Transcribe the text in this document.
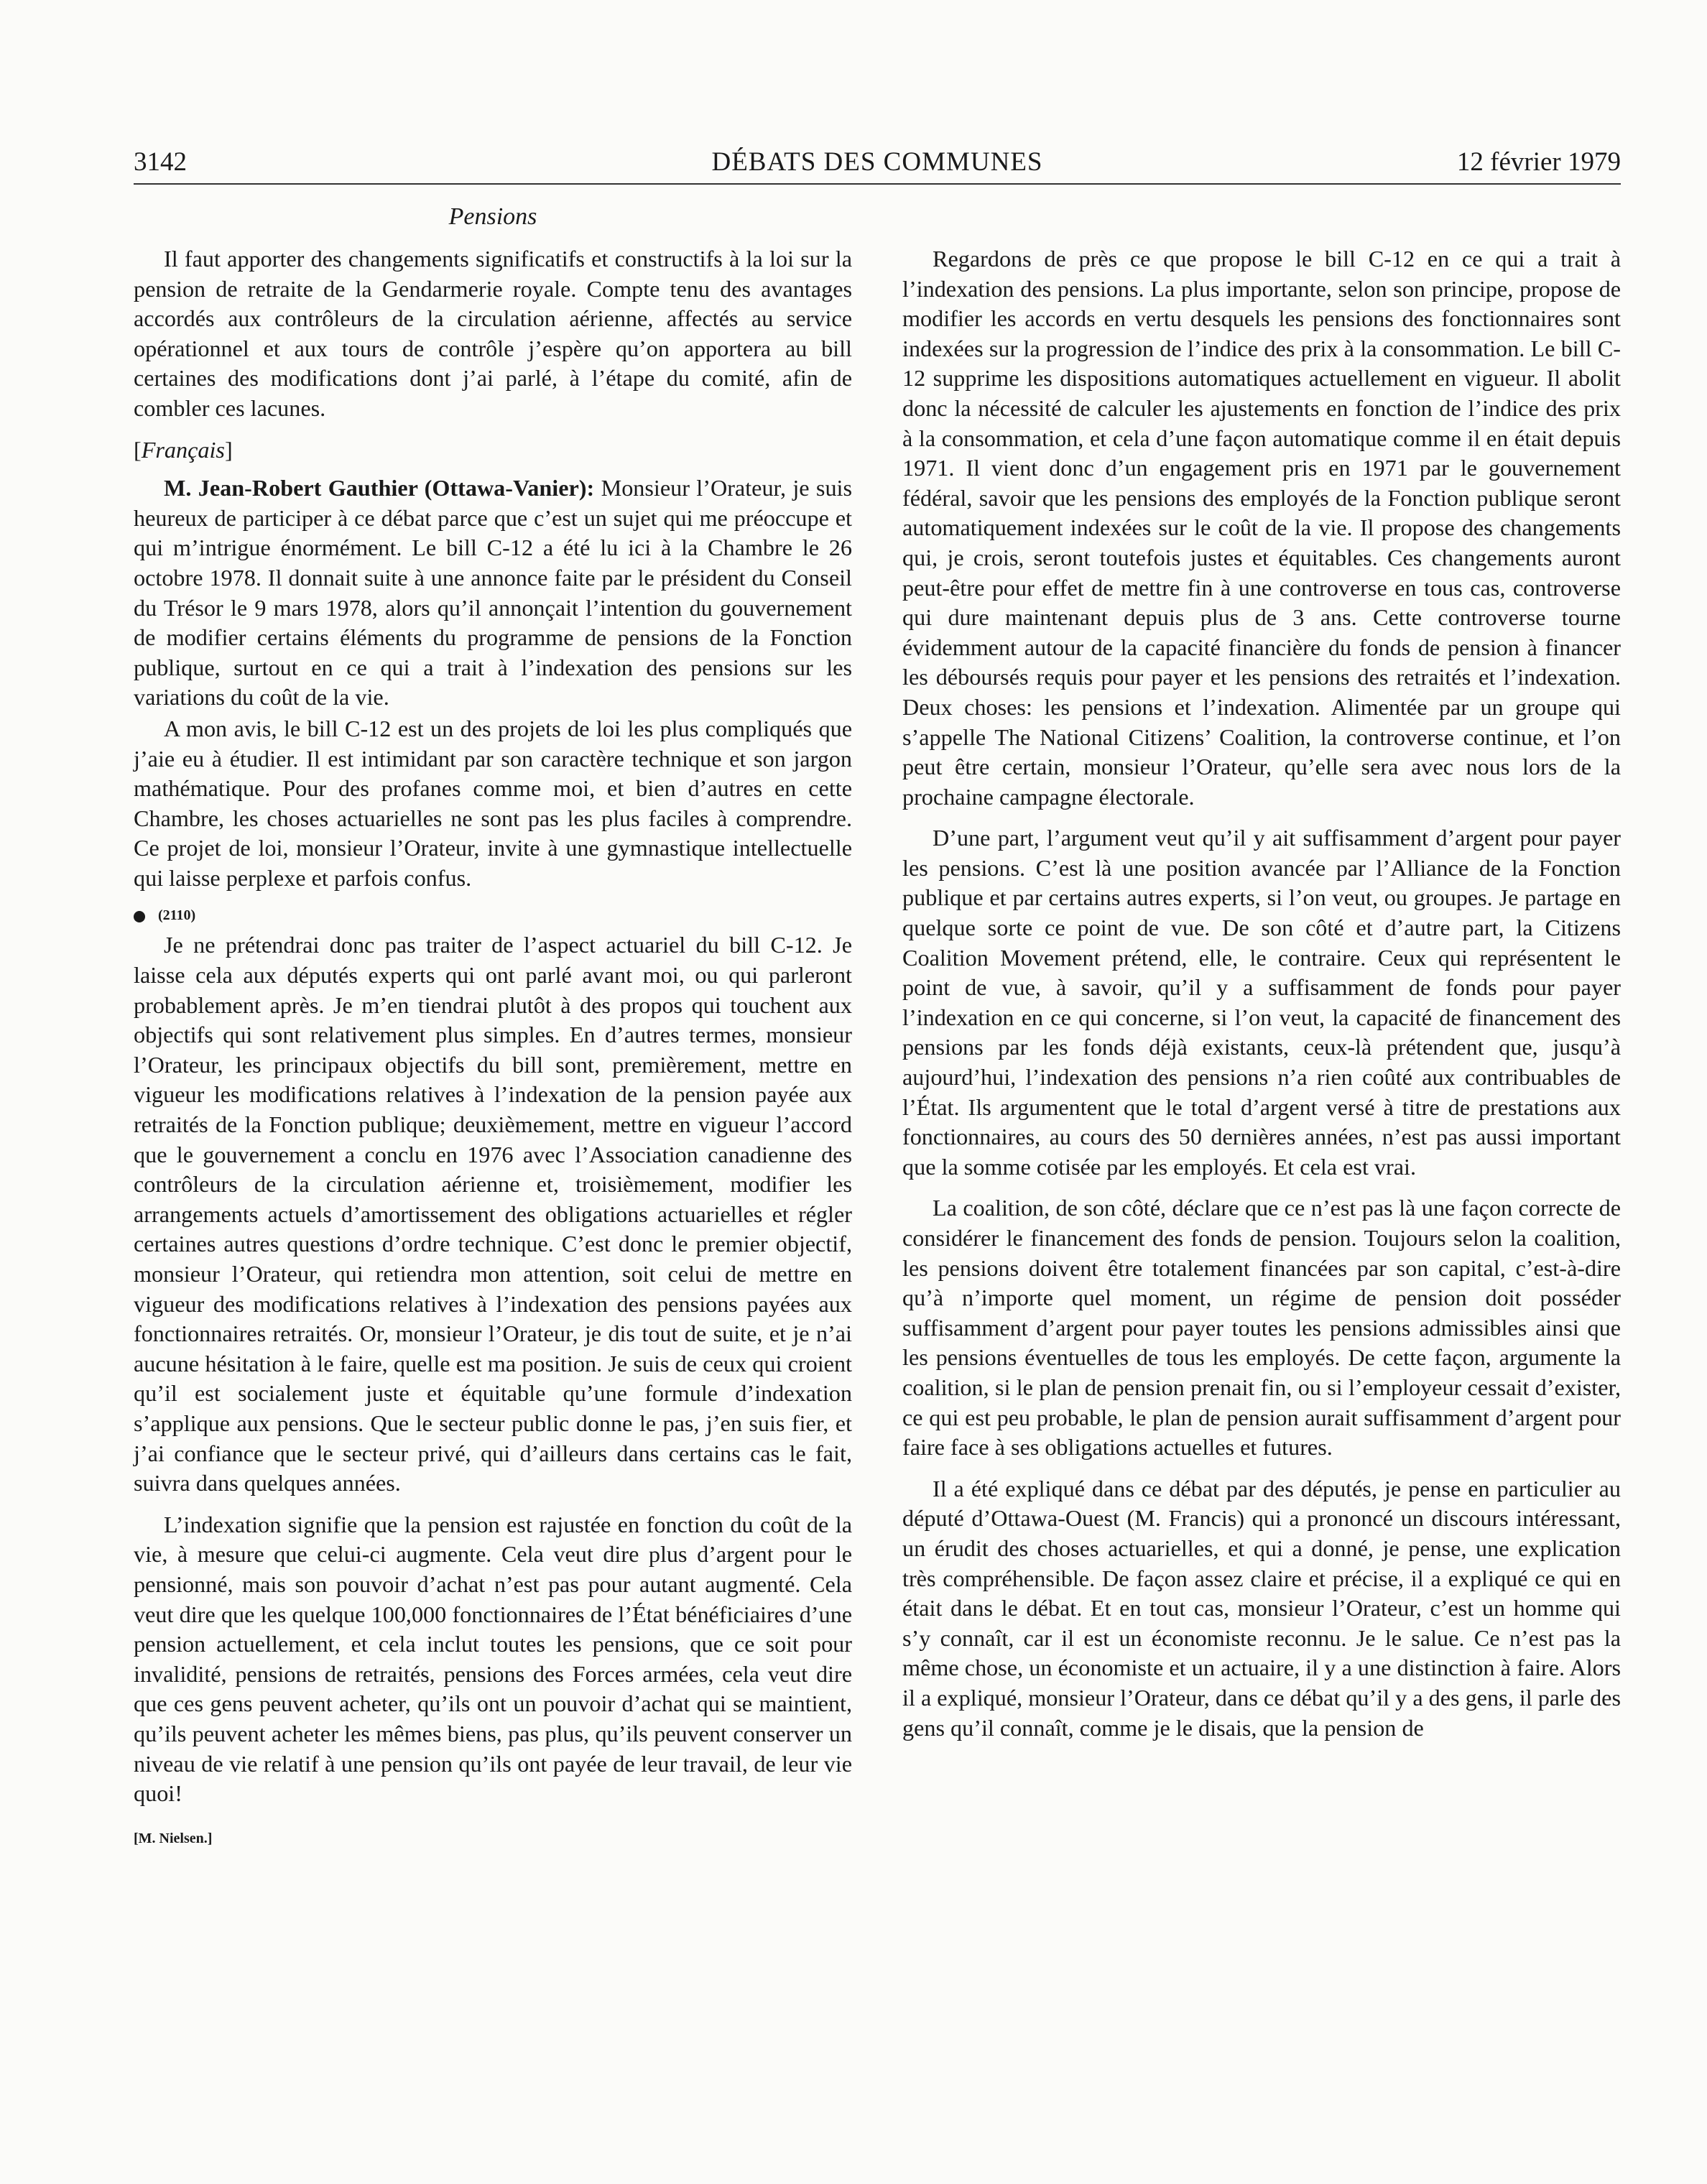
3142	DÉBATS DES COMMUNES	12 février 1979
Pensions

Il faut apporter des changements significatifs et constructifs à la loi sur la pension de retraite de la Gendarmerie royale. Compte tenu des avantages accordés aux contrôleurs de la circulation aérienne, affectés au service opérationnel et aux tours de contrôle j’espère qu’on apportera au bill certaines des modifications dont j’ai parlé, à l’étape du comité, afin de combler ces lacunes.

[ Français ]

M. Jean-Robert Gauthier (Ottawa-Vanier): Monsieur l’Orateur, je suis heureux de participer à ce débat parce que c’est un sujet qui me préoccupe et qui m’intrigue énormément. Le bill C-12 a été lu ici à la Chambre le 26 octobre 1978. Il donnait suite à une annonce faite par le président du Conseil du Trésor le 9 mars 1978, alors qu’il annonçait l’intention du gouvernement de modifier certains éléments du programme de pensions de la Fonction publique, surtout en ce qui a trait à l’indexation des pensions sur les variations du coût de la vie.

A mon avis, le bill C-12 est un des projets de loi les plus compliqués que j’aie eu à étudier. Il est intimidant par son caractère technique et son jargon mathématique. Pour des profanes comme moi, et bien d’autres en cette Chambre, les choses actuarielles ne sont pas les plus faciles à comprendre. Ce projet de loi, monsieur l’Orateur, invite à une gymnastique intellectuelle qui laisse perplexe et parfois confus.

(2110)

Je ne prétendrai donc pas traiter de l’aspect actuariel du bill C-12. Je laisse cela aux députés experts qui ont parlé avant moi, ou qui parleront probablement après. Je m’en tiendrai plutôt à des propos qui touchent aux objectifs qui sont relativement plus simples. En d’autres termes, monsieur l’Orateur, les principaux objectifs du bill sont, premièrement, mettre en vigueur les modifications relatives à l’indexation de la pension payée aux retraités de la Fonction publique; deuxièmement, mettre en vigueur l’accord que le gouvernement a conclu en 1976 avec l’Association canadienne des contrôleurs de la circulation aérienne et, troisièmement, modifier les arrangements actuels d’amortissement des obligations actuarielles et régler certaines autres questions d’ordre technique. C’est donc le premier objectif, monsieur l’Orateur, qui retiendra mon attention, soit celui de mettre en vigueur des modifications relatives à l’indexation des pensions payées aux fonctionnaires retraités. Or, monsieur l’Orateur, je dis tout de suite, et je n’ai aucune hésitation à le faire, quelle est ma position. Je suis de ceux qui croient qu’il est socialement juste et équitable qu’une formule d’indexation s’applique aux pensions. Que le secteur public donne le pas, j’en suis fier, et j’ai confiance que le secteur privé, qui d’ailleurs dans certains cas le fait, suivra dans quelques années.

L’indexation signifie que la pension est rajustée en fonction du coût de la vie, à mesure que celui-ci augmente. Cela veut dire plus d’argent pour le pensionné, mais son pouvoir d’achat n’est pas pour autant augmenté. Cela veut dire que les quelque 100,000 fonctionnaires de l’État bénéficiaires d’une pension actuellement, et cela inclut toutes les pensions, que ce soit pour invalidité, pensions de retraités, pensions des Forces armées, cela veut dire que ces gens peuvent acheter, qu’ils ont un pouvoir d’achat qui se maintient, qu’ils peuvent acheter les mêmes biens, pas plus, qu’ils peuvent conserver un niveau de vie relatif à une pension qu’ils ont payée de leur travail, de leur vie quoi!

[ M. Nielsen. ]

Regardons de près ce que propose le bill C-12 en ce qui a trait à l’indexation des pensions. La plus importante, selon son principe, propose de modifier les accords en vertu desquels les pensions des fonctionnaires sont indexées sur la progression de l’indice des prix à la consommation. Le bill C-12 supprime les dispositions automatiques actuellement en vigueur. Il abolit donc la nécessité de calculer les ajustements en fonction de l’indice des prix à la consommation, et cela d’une façon automatique comme il en était depuis 1971. Il vient donc d’un engagement pris en 1971 par le gouvernement fédéral, savoir que les pensions des employés de la Fonction publique seront automatiquement indexées sur le coût de la vie. Il propose des changements qui, je crois, seront toutefois justes et équitables. Ces changements auront peut-être pour effet de mettre fin à une controverse en tous cas, controverse qui dure maintenant depuis plus de 3 ans. Cette controverse tourne évidemment autour de la capacité financière du fonds de pension à financer les déboursés requis pour payer et les pensions des retraités et l’indexation. Deux choses: les pensions et l’indexation. Alimentée par un groupe qui s’appelle The National Citizens’ Coalition, la controverse continue, et l’on peut être certain, monsieur l’Orateur, qu’elle sera avec nous lors de la prochaine campagne électorale.

D’une part, l’argument veut qu’il y ait suffisamment d’argent pour payer les pensions. C’est là une position avancée par l’Alliance de la Fonction publique et par certains autres experts, si l’on veut, ou groupes. Je partage en quelque sorte ce point de vue. De son côté et d’autre part, la Citizens Coalition Movement prétend, elle, le contraire. Ceux qui représentent le point de vue, à savoir, qu’il y a suffisamment de fonds pour payer l’indexation en ce qui concerne, si l’on veut, la capacité de financement des pensions par les fonds déjà existants, ceux-là prétendent que, jusqu’à aujourd’hui, l’indexation des pensions n’a rien coûté aux contribuables de l’État. Ils argumentent que le total d’argent versé à titre de prestations aux fonctionnaires, au cours des 50 dernières années, n’est pas aussi important que la somme cotisée par les employés. Et cela est vrai.

La coalition, de son côté, déclare que ce n’est pas là une façon correcte de considérer le financement des fonds de pension. Toujours selon la coalition, les pensions doivent être totalement financées par son capital, c’est-à-dire qu’à n’importe quel moment, un régime de pension doit posséder suffisamment d’argent pour payer toutes les pensions admissibles ainsi que les pensions éventuelles de tous les employés. De cette façon, argumente la coalition, si le plan de pension prenait fin, ou si l’employeur cessait d’exister, ce qui est peu probable, le plan de pension aurait suffisamment d’argent pour faire face à ses obligations actuelles et futures.

Il a été expliqué dans ce débat par des députés, je pense en particulier au député d’Ottawa-Ouest (M. Francis) qui a prononcé un discours intéressant, un érudit des choses actuarielles, et qui a donné, je pense, une explication très compréhensible. De façon assez claire et précise, il a expliqué ce qui en était dans le débat. Et en tout cas, monsieur l’Orateur, c’est un homme qui s’y connaît, car il est un économiste reconnu. Je le salue. Ce n’est pas la même chose, un économiste et un actuaire, il y a une distinction à faire. Alors il a expliqué, monsieur l’Orateur, dans ce débat qu’il y a des gens, il parle des gens qu’il connaît, comme je le disais, que la pension de
